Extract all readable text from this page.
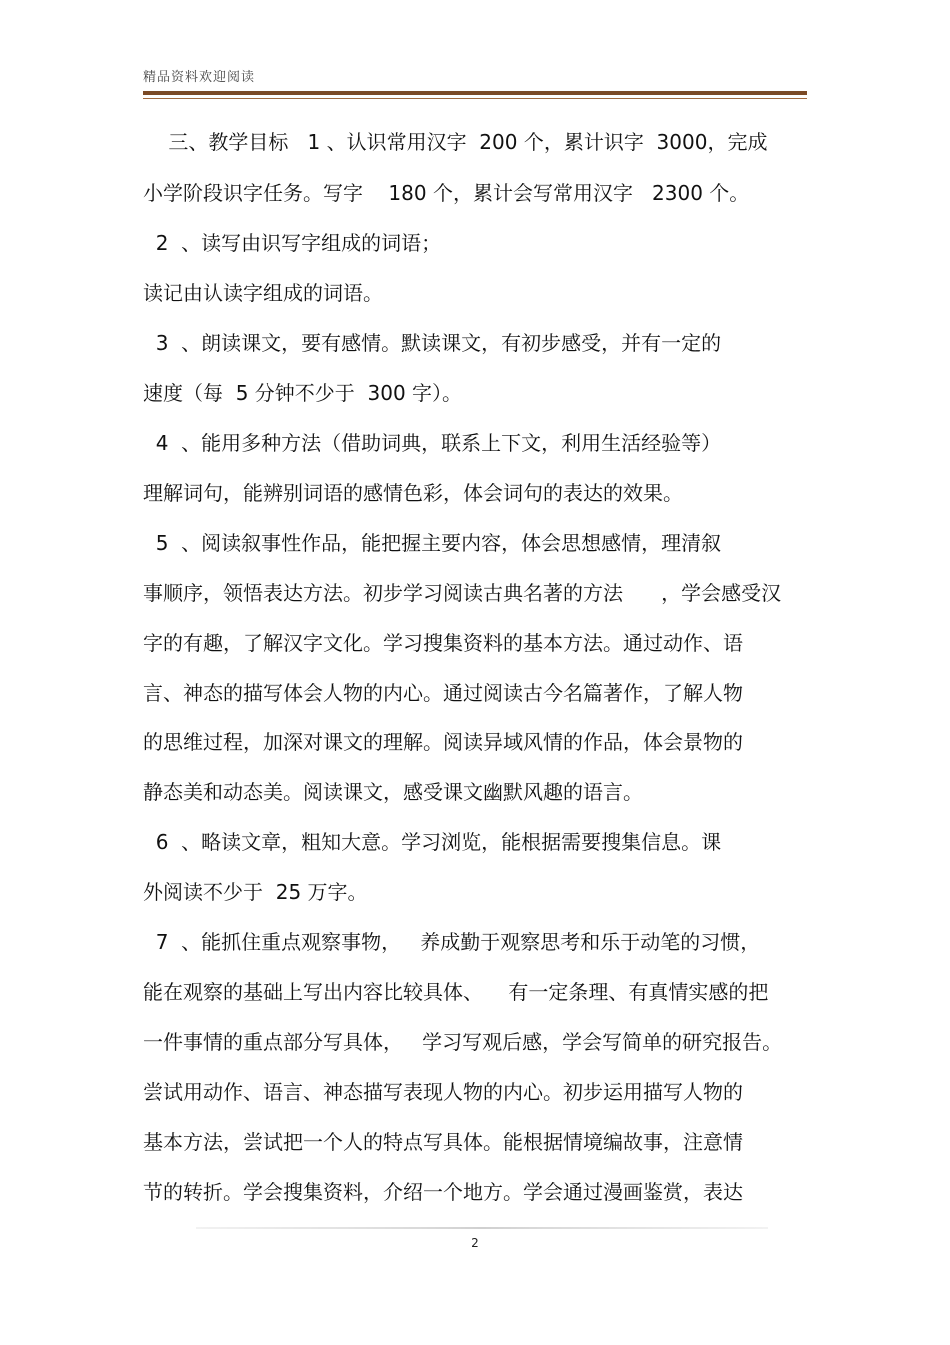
精品资料欢迎阅读
三、教学目标   1 、认识常用汉字  200 个，累计识字  3000，完成
小学阶段识字任务。写字    180 个，累计会写常用汉字   2300 个。
2  、读写由识写字组成的词语；
读记由认读字组成的词语。
3  、朗读课文，要有感情。默读课文，有初步感受，并有一定的
速度（每  5 分钟不少于  300 字）。
4  、能用多种方法（借助词典，联系上下文，利用生活经验等）
理解词句，能辨别词语的感情色彩，体会词句的表达的效果。
5  、阅读叙事性作品，能把握主要内容，体会思想感情，理清叙
事顺序，领悟表达方法。初步学习阅读古典名著的方法      ，学会感受汉
字的有趣，了解汉字文化。学习搜集资料的基本方法。通过动作、语
言、神态的描写体会人物的内心。通过阅读古今名篇著作，了解人物
的思维过程，加深对课文的理解。阅读异域风情的作品，体会景物的
静态美和动态美。阅读课文，感受课文幽默风趣的语言。
6  、略读文章，粗知大意。学习浏览，能根据需要搜集信息。课
外阅读不少于  25 万字。
7  、能抓住重点观察事物，   养成勤于观察思考和乐于动笔的习惯，
能在观察的基础上写出内容比较具体、    有一定条理、有真情实感的把
一件事情的重点部分写具体，   学习写观后感，学会写简单的研究报告。
尝试用动作、语言、神态描写表现人物的内心。初步运用描写人物的
基本方法，尝试把一个人的特点写具体。能根据情境编故事，注意情
节的转折。学会搜集资料，介绍一个地方。学会通过漫画鉴赏，表达
2
